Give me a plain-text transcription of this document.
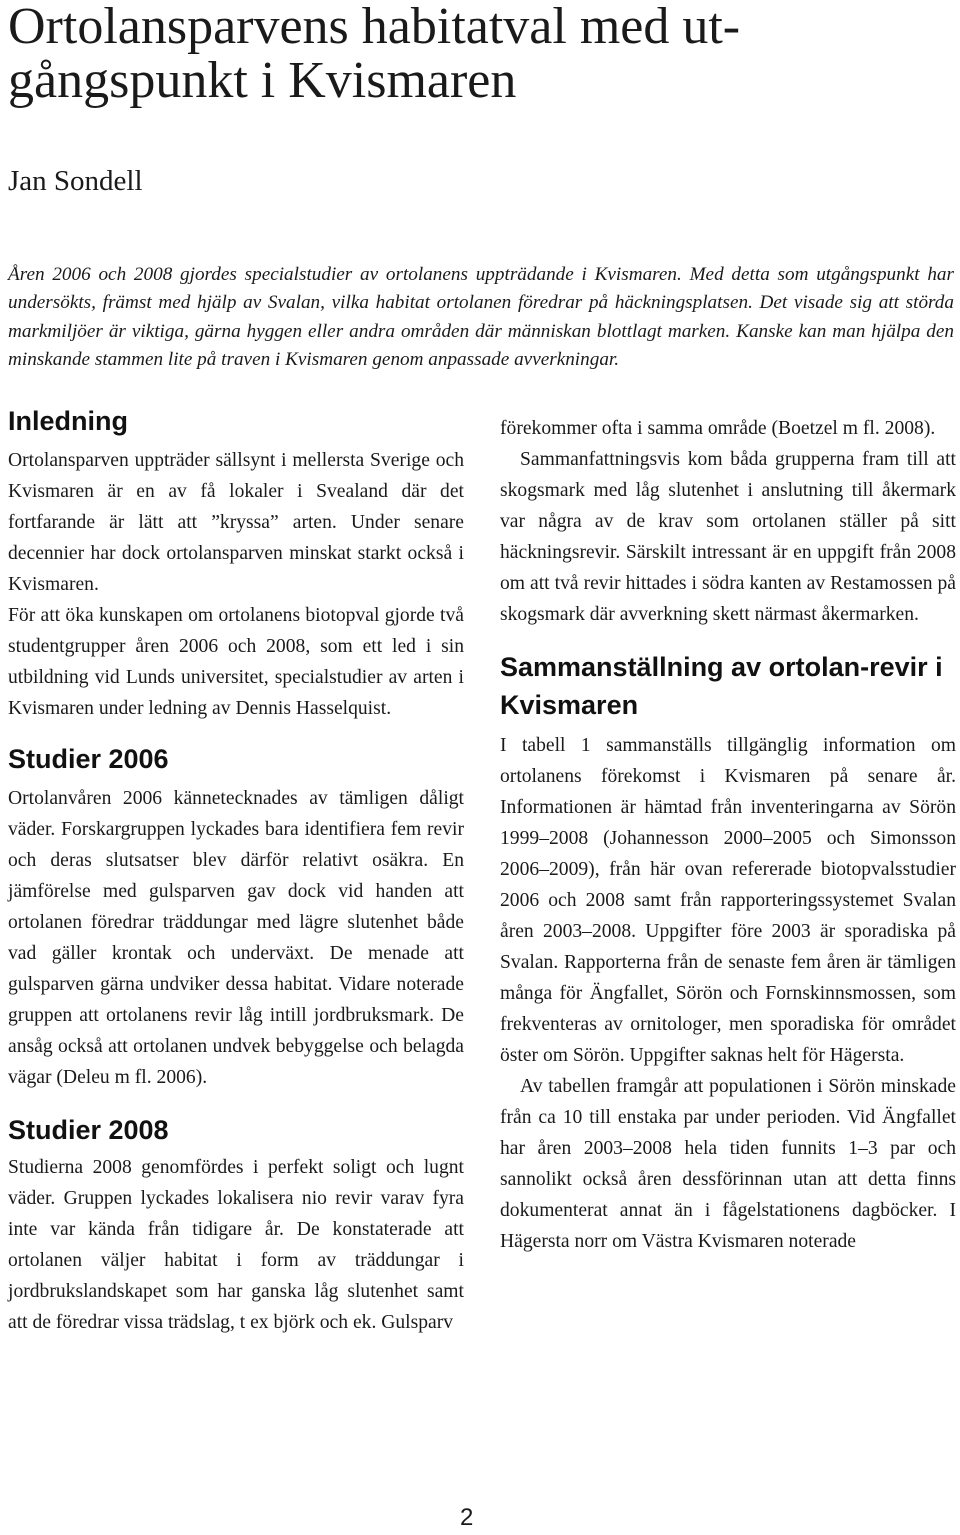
Ortolansparvens habitatval med ut-gångspunkt i Kvismaren
Jan Sondell

Åren 2006 och 2008 gjordes specialstudier av ortolanens uppträdande i Kvismaren. Med detta som utgångspunkt har undersökts, främst med hjälp av Svalan, vilka habitat ortolanen föredrar på häckningsplatsen. Det visade sig att störda markmiljöer är viktiga, gärna hyggen eller andra områden där människan blottlagt marken. Kanske kan man hjälpa den minskande stammen lite på traven i Kvismaren genom anpassade avverkningar.

Inledning

Ortolansparven uppträder sällsynt i mellersta Sverige och Kvismaren är en av få lokaler i Svealand där det fortfarande är lätt att ”kryssa” arten. Under senare decennier har dock ortolansparven minskat starkt också i Kvismaren.

För att öka kunskapen om ortolanens biotopval gjorde två studentgrupper åren 2006 och 2008, som ett led i sin utbildning vid Lunds universitet, specialstudier av arten i Kvismaren under ledning av Dennis Hasselquist.

Studier 2006

Ortolanvåren 2006 kännetecknades av tämligen dåligt väder. Forskargruppen lyckades bara identifiera fem revir och deras slutsatser blev därför relativt osäkra. En jämförelse med gulsparven gav dock vid handen att ortolanen föredrar träddungar med lägre slutenhet både vad gäller krontak och underväxt. De menade att gulsparven gärna undviker dessa habitat. Vidare noterade gruppen att ortolanens revir låg intill jordbruksmark. De ansåg också att ortolanen undvek bebyggelse och belagda vägar (Deleu m fl. 2006).

Studier 2008

Studierna 2008 genomfördes i perfekt soligt och lugnt väder. Gruppen lyckades lokalisera nio revir varav fyra inte var kända från tidigare år. De konstaterade att ortolanen väljer habitat i form av träddungar i jordbrukslandskapet som har ganska låg slutenhet samt att de föredrar vissa trädslag, t ex björk och ek. Gulsparv

förekommer ofta i samma område (Boetzel m fl. 2008).

Sammanfattningsvis kom båda grupperna fram till att skogsmark med låg slutenhet i anslutning till åkermark var några av de krav som ortolanen ställer på sitt häckningsrevir. Särskilt intressant är en uppgift från 2008 om att två revir hittades i södra kanten av Restamossen på skogsmark där avverkning skett närmast åkermarken.

Sammanställning av ortolan-revir i Kvismaren

I tabell 1 sammanställs tillgänglig information om ortolanens förekomst i Kvismaren på senare år. Informationen är hämtad från inventeringarna av Sörön 1999–2008 (Johannesson 2000–2005 och Simonsson 2006–2009), från här ovan refererade biotopvalsstudier 2006 och 2008 samt från rapporteringssystemet Svalan åren 2003–2008. Uppgifter före 2003 är sporadiska på Svalan. Rapporterna från de senaste fem åren är tämligen många för Ängfallet, Sörön och Fornskinnsmossen, som frekventeras av ornitologer, men sporadiska för området öster om Sörön. Uppgifter saknas helt för Hägersta.

Av tabellen framgår att populationen i Sörön minskade från ca 10 till enstaka par under perioden. Vid Ängfallet har åren 2003–2008 hela tiden funnits 1–3 par och sannolikt också åren dessförinnan utan att detta finns dokumenterat annat än i fågelstationens dagböcker. I Hägersta norr om Västra Kvismaren noterade

2
